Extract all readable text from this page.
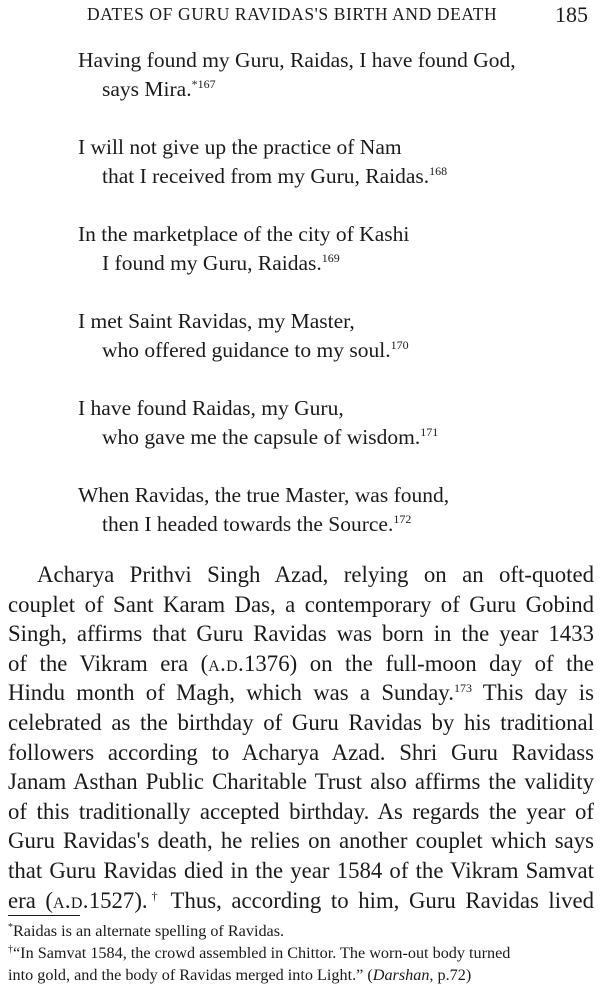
DATES OF GURU RAVIDAS'S BIRTH AND DEATH	185
Having found my Guru, Raidas, I have found God,
says Mira.$^{*167}$
I will not give up the practice of Nam
that I received from my Guru, Raidas.$^{168}$
In the marketplace of the city of Kashi
I found my Guru, Raidas.$^{169}$
I met Saint Ravidas, my Master,
who offered guidance to my soul.$^{170}$
I have found Raidas, my Guru,
who gave me the capsule of wisdom.$^{171}$
When Ravidas, the true Master, was found,
then I headed towards the Source.$^{172}$
Acharya Prithvi Singh Azad, relying on an oft-quoted
couplet of Sant Karam Das, a contemporary of Guru Gobind
Singh, affirms that Guru Ravidas was born in the year 1433
of the Vikram era (a.d.1376) on the full-moon day of the
Hindu month of Magh, which was a Sunday.$^{173}$ This day is
celebrated as the birthday of Guru Ravidas by his traditional
followers according to Acharya Azad. Shri Guru Ravidass
Janam Asthan Public Charitable Trust also affirms the validity
of this traditionally accepted birthday. As regards the year of
Guru Ravidas's death, he relies on another couplet which says
that Guru Ravidas died in the year 1584 of the Vikram Samvat
era (a.d.1527).† Thus, according to him, Guru Ravidas lived
*Raidas is an alternate spelling of Ravidas.
†“In Samvat 1584, the crowd assembled in Chittor. The worn-out body turned
into gold, and the body of Ravidas merged into Light.” (Darshan, p.72)
